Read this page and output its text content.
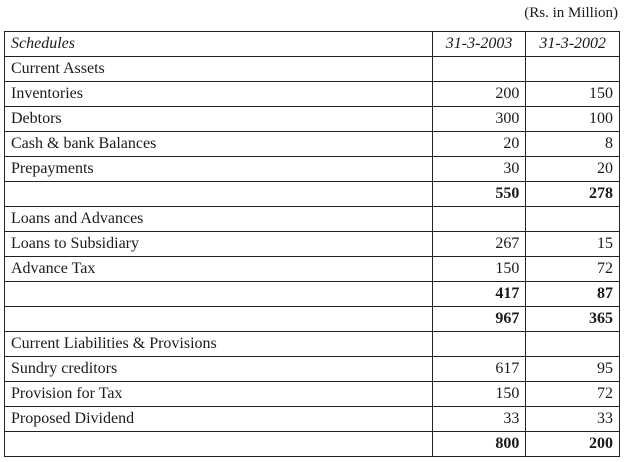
(Rs. in Million)
Schedules	31-3-2003	31-3-2002
Current Assets		
Inventories	200	150
Debtors	300	100
Cash & bank Balances	20	8
Prepayments	30	20
	550	278
Loans and Advances		
Loans to Subsidiary	267	15
Advance Tax	150	72
	417	87
	967	365
Current Liabilities & Provisions		
Sundry creditors	617	95
Provision for Tax	150	72
Proposed Dividend	33	33
	800	200
